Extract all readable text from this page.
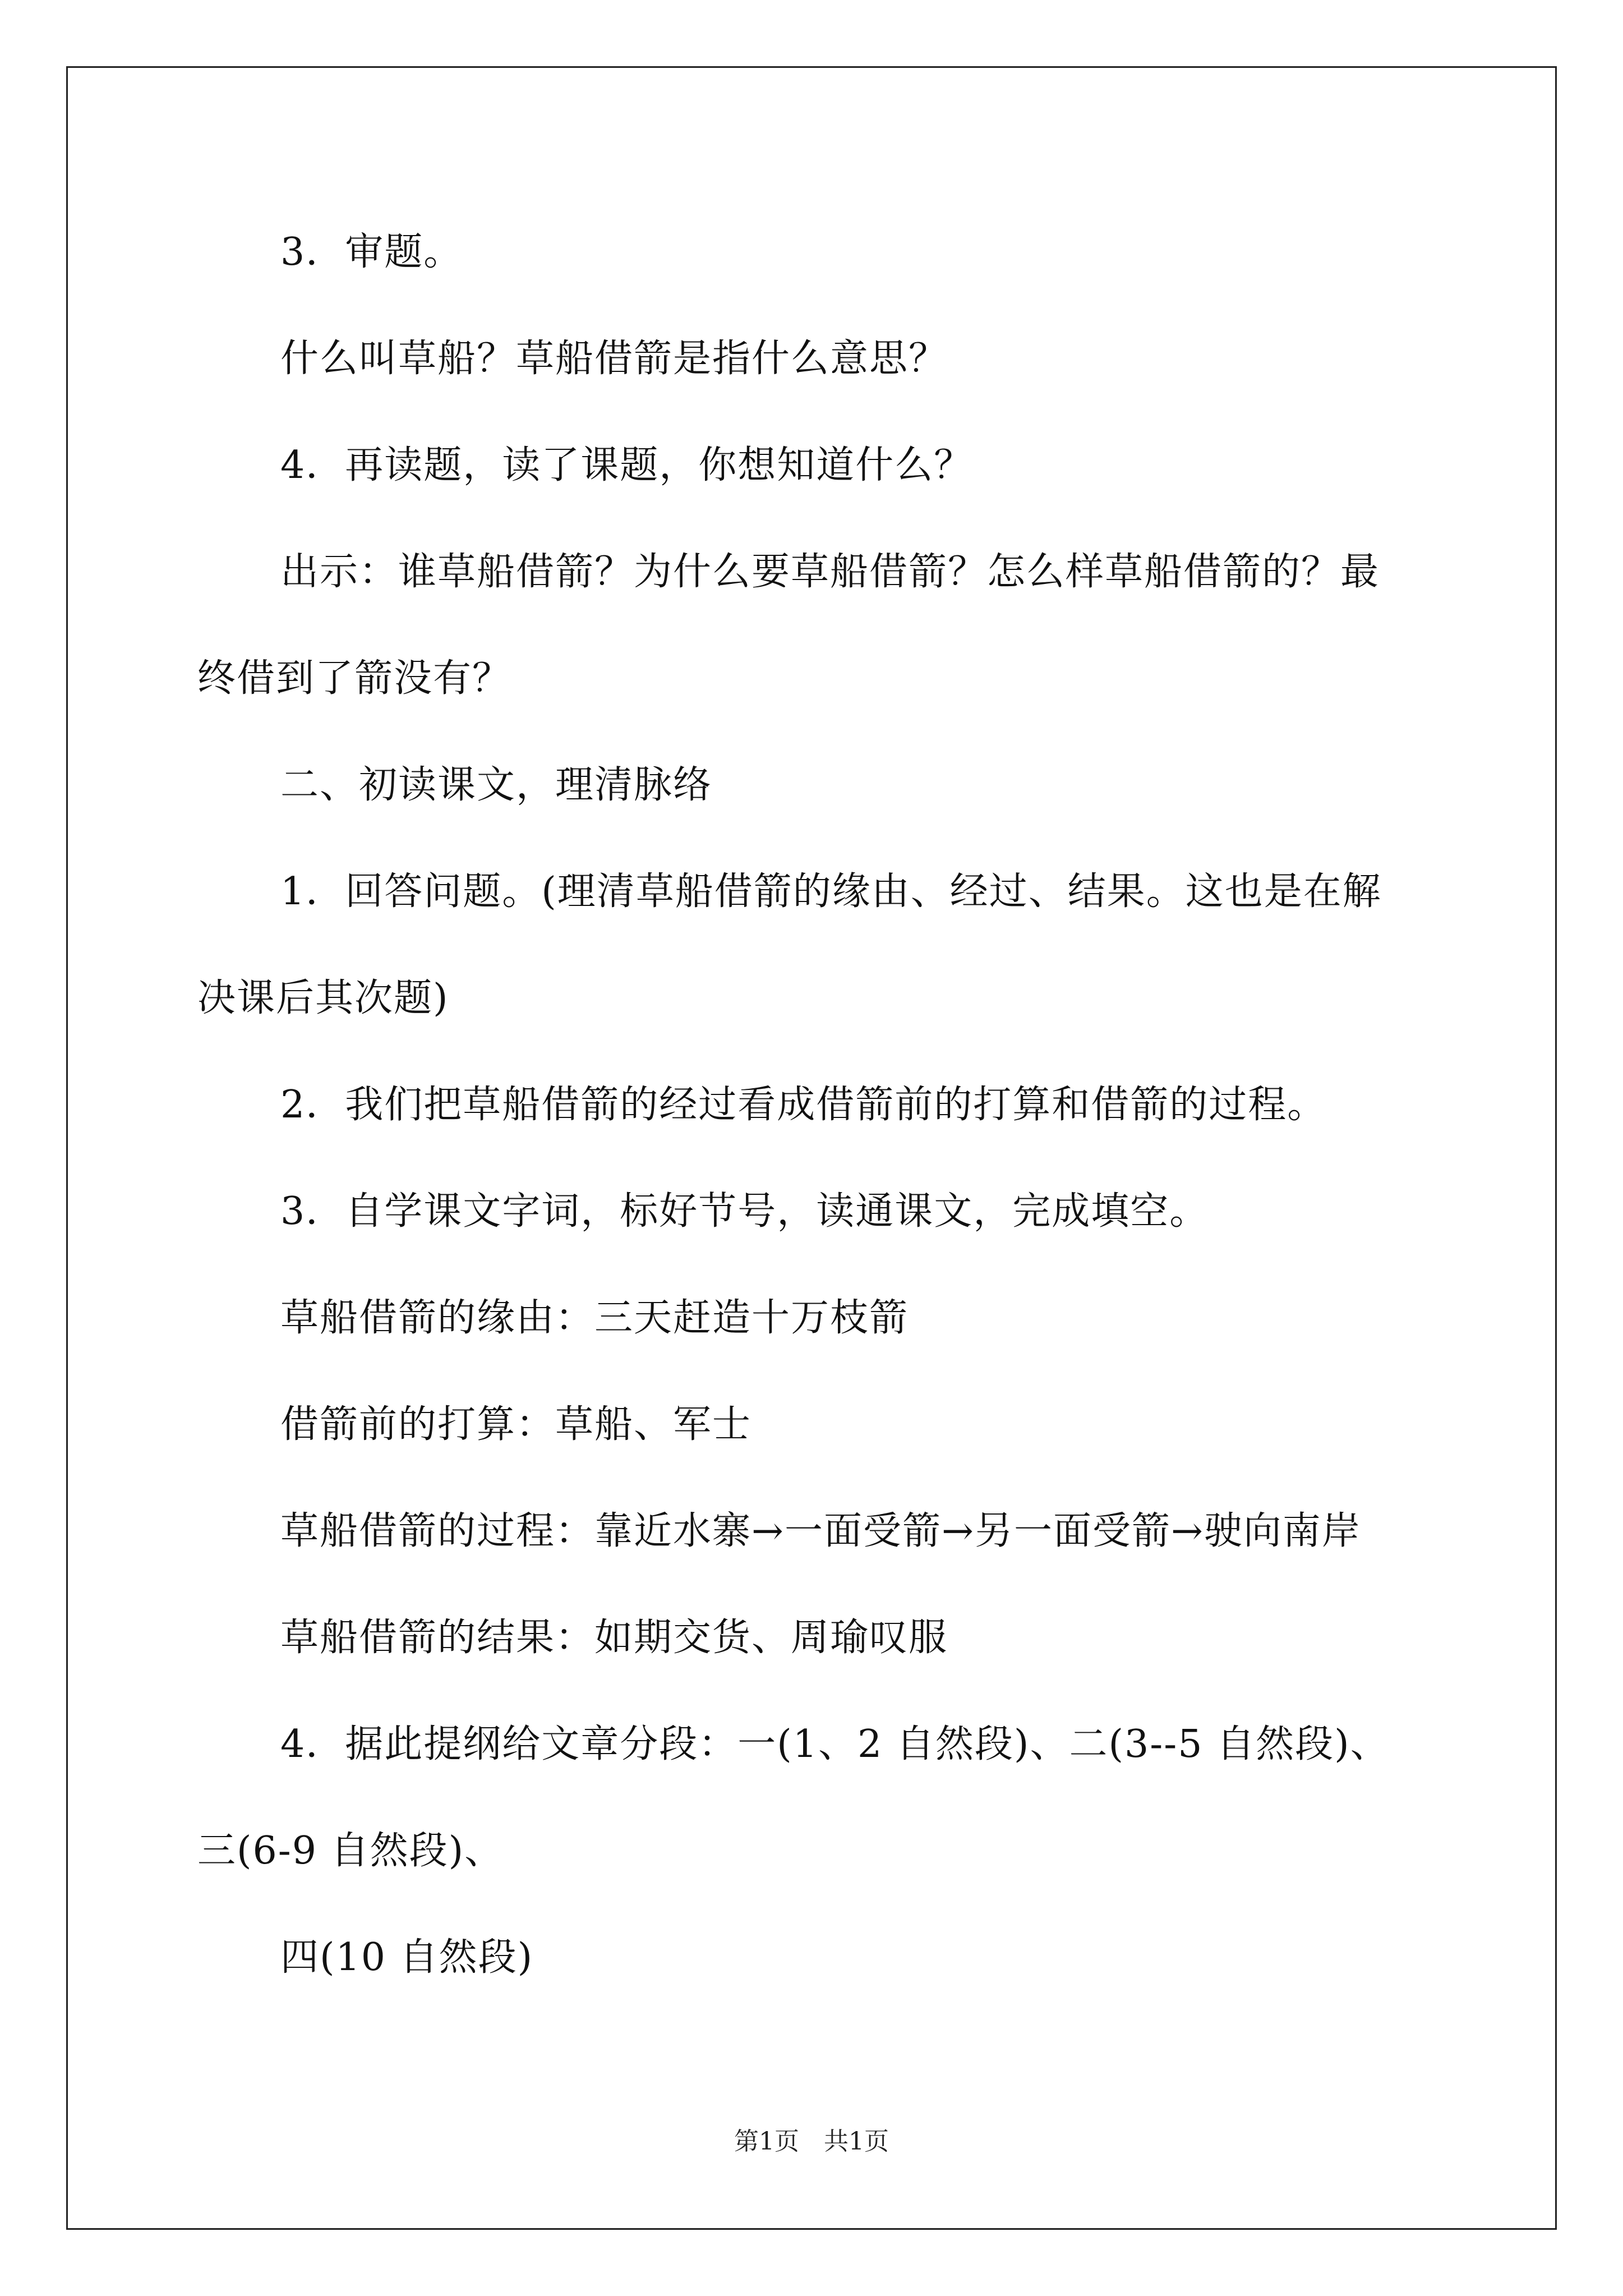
3．审题。
什么叫草船？草船借箭是指什么意思？
4．再读题，读了课题，你想知道什么？
出示：谁草船借箭？为什么要草船借箭？怎么样草船借箭的？最
终借到了箭没有？
二、初读课文，理清脉络
1．回答问题。(理清草船借箭的缘由、经过、结果。这也是在解
决课后其次题)
2．我们把草船借箭的经过看成借箭前的打算和借箭的过程。
3．自学课文字词，标好节号，读通课文，完成填空。
草船借箭的缘由：三天赶造十万枝箭
借箭前的打算：草船、军士
草船借箭的过程：靠近水寨→一面受箭→另一面受箭→驶向南岸
草船借箭的结果：如期交货、周瑜叹服
4．据此提纲给文章分段：一(1、2 自然段)、二(3--5 自然段)、
三(6-9 自然段)、
四(10 自然段)
第1页　共1页
